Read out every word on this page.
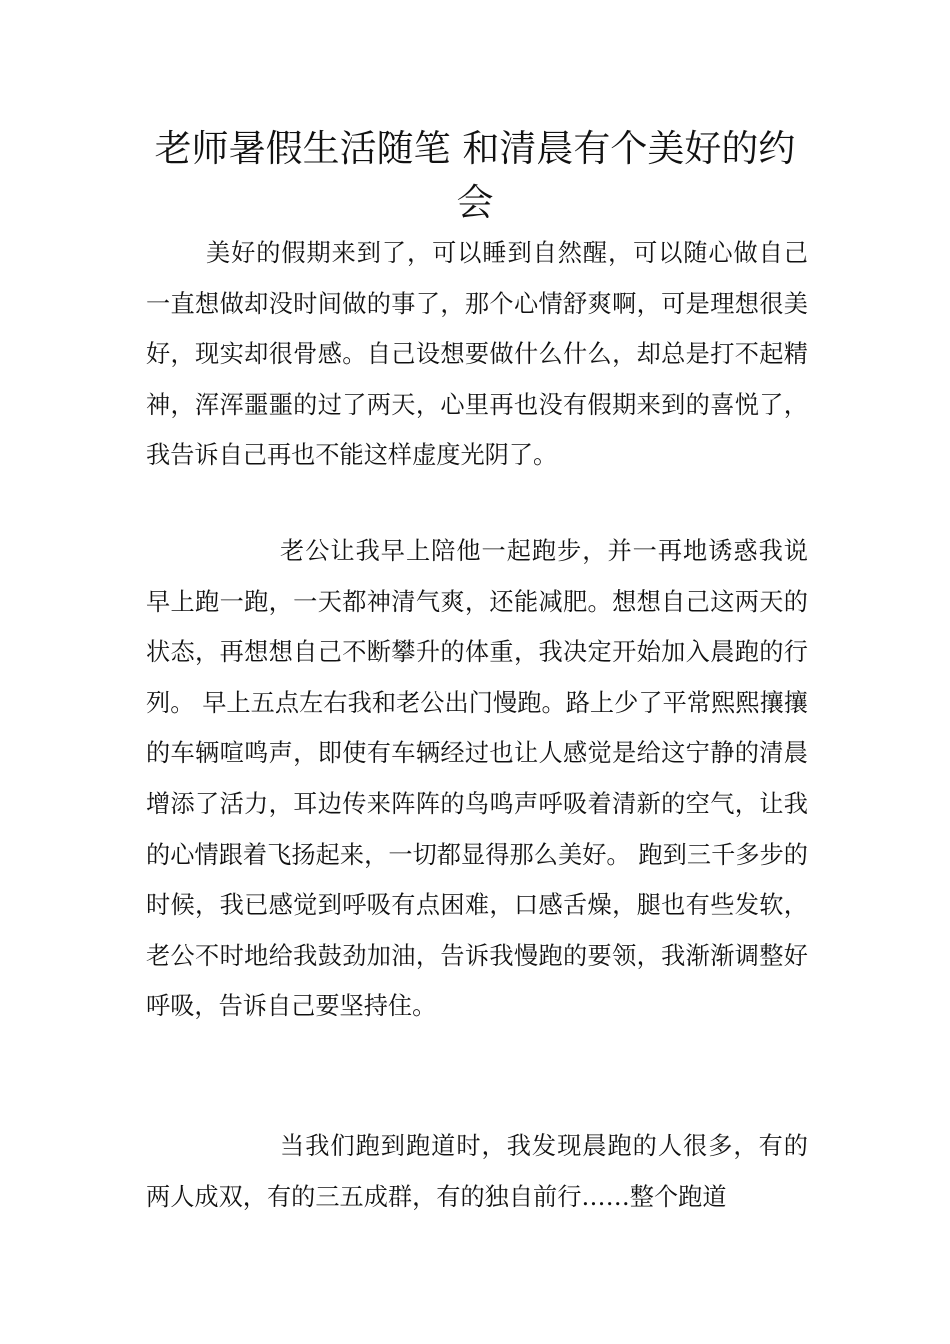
老师暑假生活随笔 和清晨有个美好的约会

美好的假期来到了，可以睡到自然醒，可以随心做自己一直想做却没时间做的事了，那个心情舒爽啊，可是理想很美好，现实却很骨感。自己设想要做什么什么，却总是打不起精神，浑浑噩噩的过了两天，心里再也没有假期来到的喜悦了，我告诉自己再也不能这样虚度光阴了。

老公让我早上陪他一起跑步，并一再地诱惑我说早上跑一跑，一天都神清气爽，还能减肥。想想自己这两天的状态，再想想自己不断攀升的体重，我决定开始加入晨跑的行列。 早上五点左右我和老公出门慢跑。路上少了平常熙熙攘攘的车辆喧鸣声，即使有车辆经过也让人感觉是给这宁静的清晨增添了活力，耳边传来阵阵的鸟鸣声呼吸着清新的空气，让我的心情跟着飞扬起来，一切都显得那么美好。 跑到三千多步的时候，我已感觉到呼吸有点困难，口感舌燥，腿也有些发软，老公不时地给我鼓劲加油，告诉我慢跑的要领，我渐渐调整好呼吸，告诉自己要坚持住。

当我们跑到跑道时，我发现晨跑的人很多，有的两人成双，有的三五成群，有的独自前行……整个跑道
